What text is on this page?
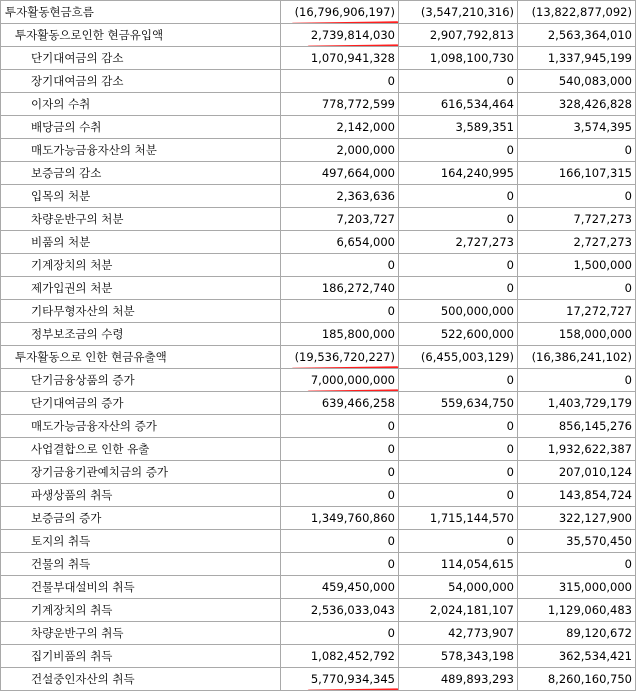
투자활동현금흐름	(16,796,906,197)	(3,547,210,316)	(13,822,877,092)
투자활동으로인한 현금유입액	2,739,814,030	2,907,792,813	2,563,364,010
단기대여금의 감소	1,070,941,328	1,098,100,730	1,337,945,199
장기대여금의 감소	0	0	540,083,000
이자의 수취	778,772,599	616,534,464	328,426,828
배당금의 수취	2,142,000	3,589,351	3,574,395
매도가능금융자산의 처분	2,000,000	0	0
보증금의 감소	497,664,000	164,240,995	166,107,315
입목의 처분	2,363,636	0	0
차량운반구의 처분	7,203,727	0	7,727,273
비품의 처분	6,654,000	2,727,273	2,727,273
기계장치의 처분	0	0	1,500,000
제가입권의 처분	186,272,740	0	0
기타무형자산의 처분	0	500,000,000	17,272,727
정부보조금의 수령	185,800,000	522,600,000	158,000,000
투자활동으로 인한 현금유출액	(19,536,720,227)	(6,455,003,129)	(16,386,241,102)
단기금융상품의 증가	7,000,000,000	0	0
단기대여금의 증가	639,466,258	559,634,750	1,403,729,179
매도가능금융자산의 증가	0	0	856,145,276
사업결합으로 인한 유출	0	0	1,932,622,387
장기금융기관예치금의 증가	0	0	207,010,124
파생상품의 취득	0	0	143,854,724
보증금의 증가	1,349,760,860	1,715,144,570	322,127,900
토지의 취득	0	0	35,570,450
건물의 취득	0	114,054,615	0
건물부대설비의 취득	459,450,000	54,000,000	315,000,000
기계장치의 취득	2,536,033,043	2,024,181,107	1,129,060,483
차량운반구의 취득	0	42,773,907	89,120,672
집기비품의 취득	1,082,452,792	578,343,198	362,534,421
건설중인자산의 취득	5,770,934,345	489,893,293	8,260,160,750
